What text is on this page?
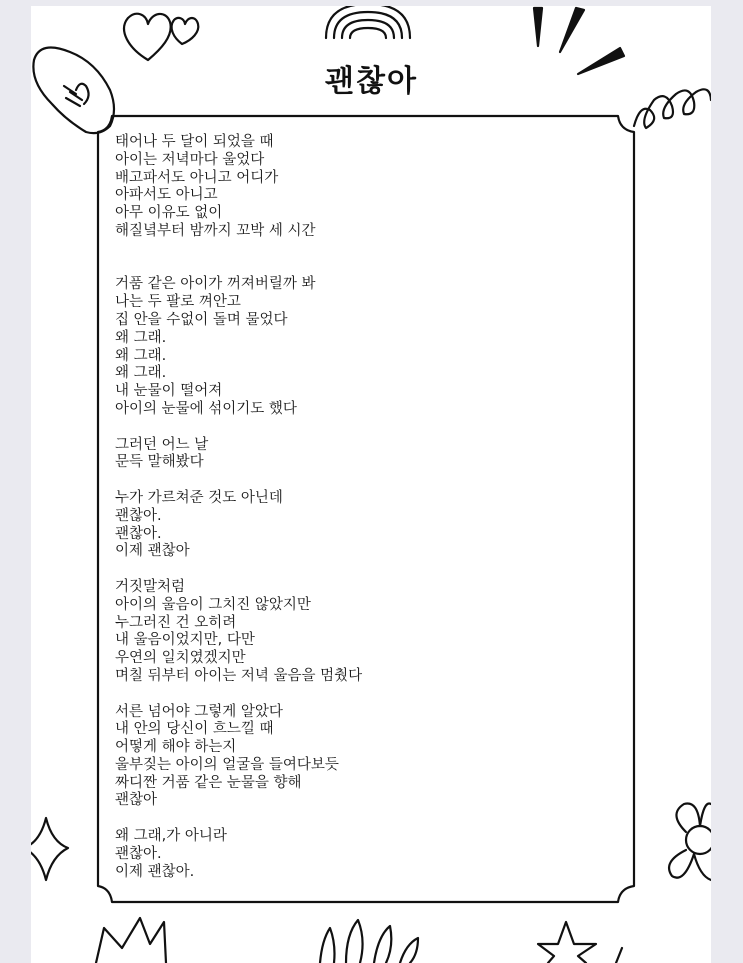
괜찮아
태어나 두 달이 되었을 때
아이는 저녁마다 울었다
배고파서도 아니고 어디가
아파서도 아니고
아무 이유도 없이
해질녘부터 밤까지 꼬박 세 시간
거품 같은 아이가 꺼져버릴까 봐
나는 두 팔로 껴안고
집 안을 수없이 돌며 물었다
왜 그래.
왜 그래.
왜 그래.
내 눈물이 떨어져
아이의 눈물에 섞이기도 했다
그러던 어느 날
문득 말해봤다
누가 가르쳐준 것도 아닌데
괜찮아.
괜찮아.
이제 괜찮아
거짓말처럼
아이의 울음이 그치진 않았지만
누그러진 건 오히려
내 울음이었지만, 다만
우연의 일치였겠지만
며칠 뒤부터 아이는 저녁 울음을 멈췄다
서른 넘어야 그렇게 알았다
내 안의 당신이 흐느낄 때
어떻게 해야 하는지
울부짖는 아이의 얼굴을 들여다보듯
짜디짠 거품 같은 눈물을 향해
괜찮아
왜 그래,가 아니라
괜찮아.
이제 괜찮아.
